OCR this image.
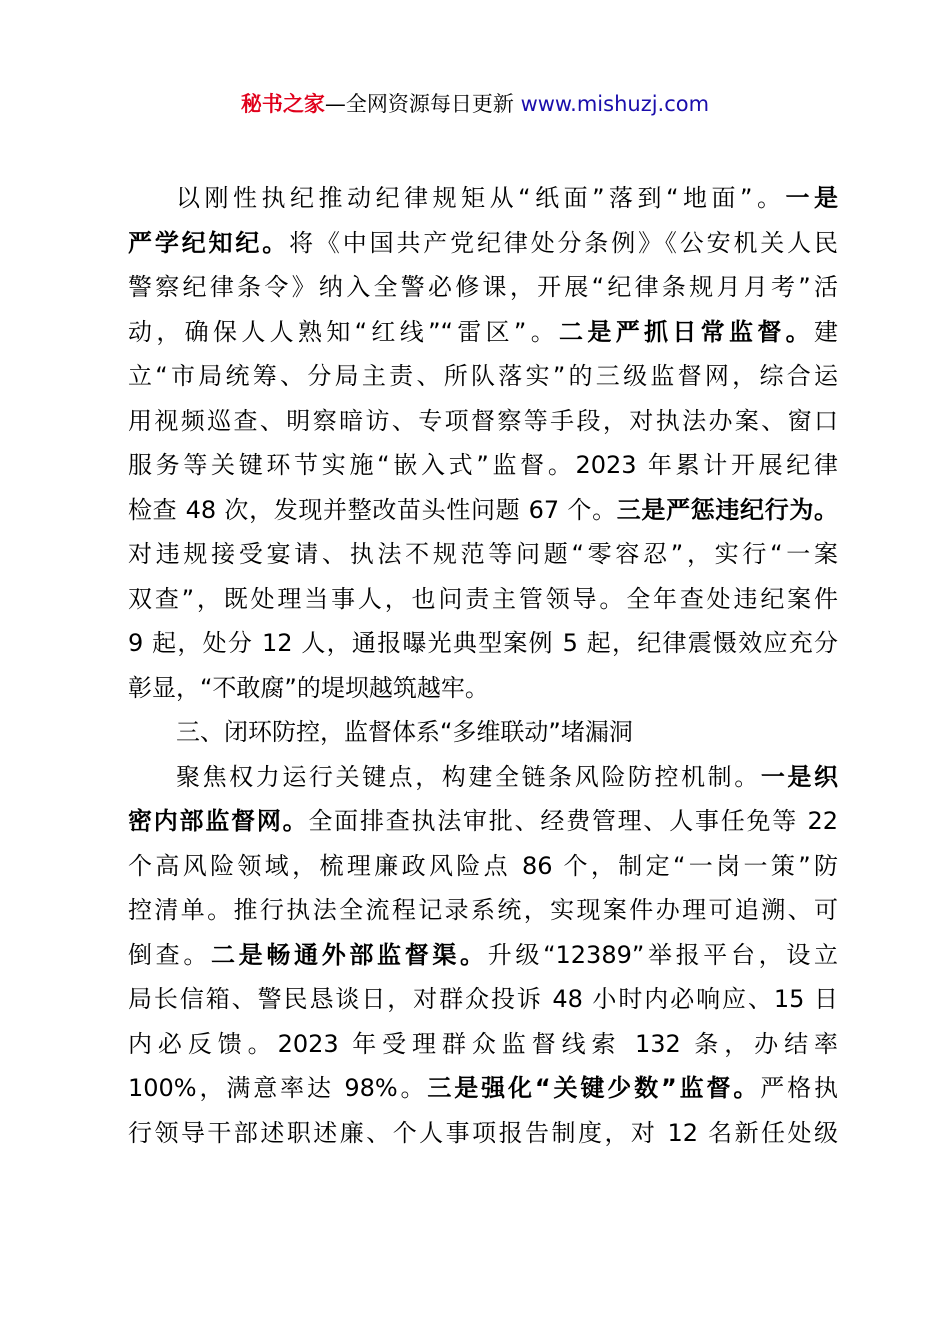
秘书之家—全网资源每日更新 www.mishuzj.com
以刚性执纪推动纪律规矩从“纸面”落到“地面”。一是
严学纪知纪。将《中国共产党纪律处分条例》《公安机关人民
警察纪律条令》纳入全警必修课，开展“纪律条规月月考”活
动，确保人人熟知“红线”“雷区”。二是严抓日常监督。建
立“市局统筹、分局主责、所队落实”的三级监督网，综合运
用视频巡查、明察暗访、专项督察等手段，对执法办案、窗口
服务等关键环节实施“嵌入式”监督。2023 年累计开展纪律
检查 48 次，发现并整改苗头性问题 67 个。三是严惩违纪行为。
对违规接受宴请、执法不规范等问题“零容忍”，实行“一案
双查”，既处理当事人，也问责主管领导。全年查处违纪案件
9 起，处分 12 人，通报曝光典型案例 5 起，纪律震慑效应充分
彰显，“不敢腐”的堤坝越筑越牢。
三、闭环防控，监督体系“多维联动”堵漏洞
聚焦权力运行关键点，构建全链条风险防控机制。一是织
密内部监督网。全面排查执法审批、经费管理、人事任免等 22
个高风险领域，梳理廉政风险点 86 个，制定“一岗一策”防
控清单。推行执法全流程记录系统，实现案件办理可追溯、可
倒查。二是畅通外部监督渠。升级“12389”举报平台，设立
局长信箱、警民恳谈日，对群众投诉 48 小时内必响应、15 日
内必反馈。2023 年受理群众监督线索 132 条，办结率
100%，满意率达 98%。三是强化“关键少数”监督。严格执
行领导干部述职述廉、个人事项报告制度，对 12 名新任处级
